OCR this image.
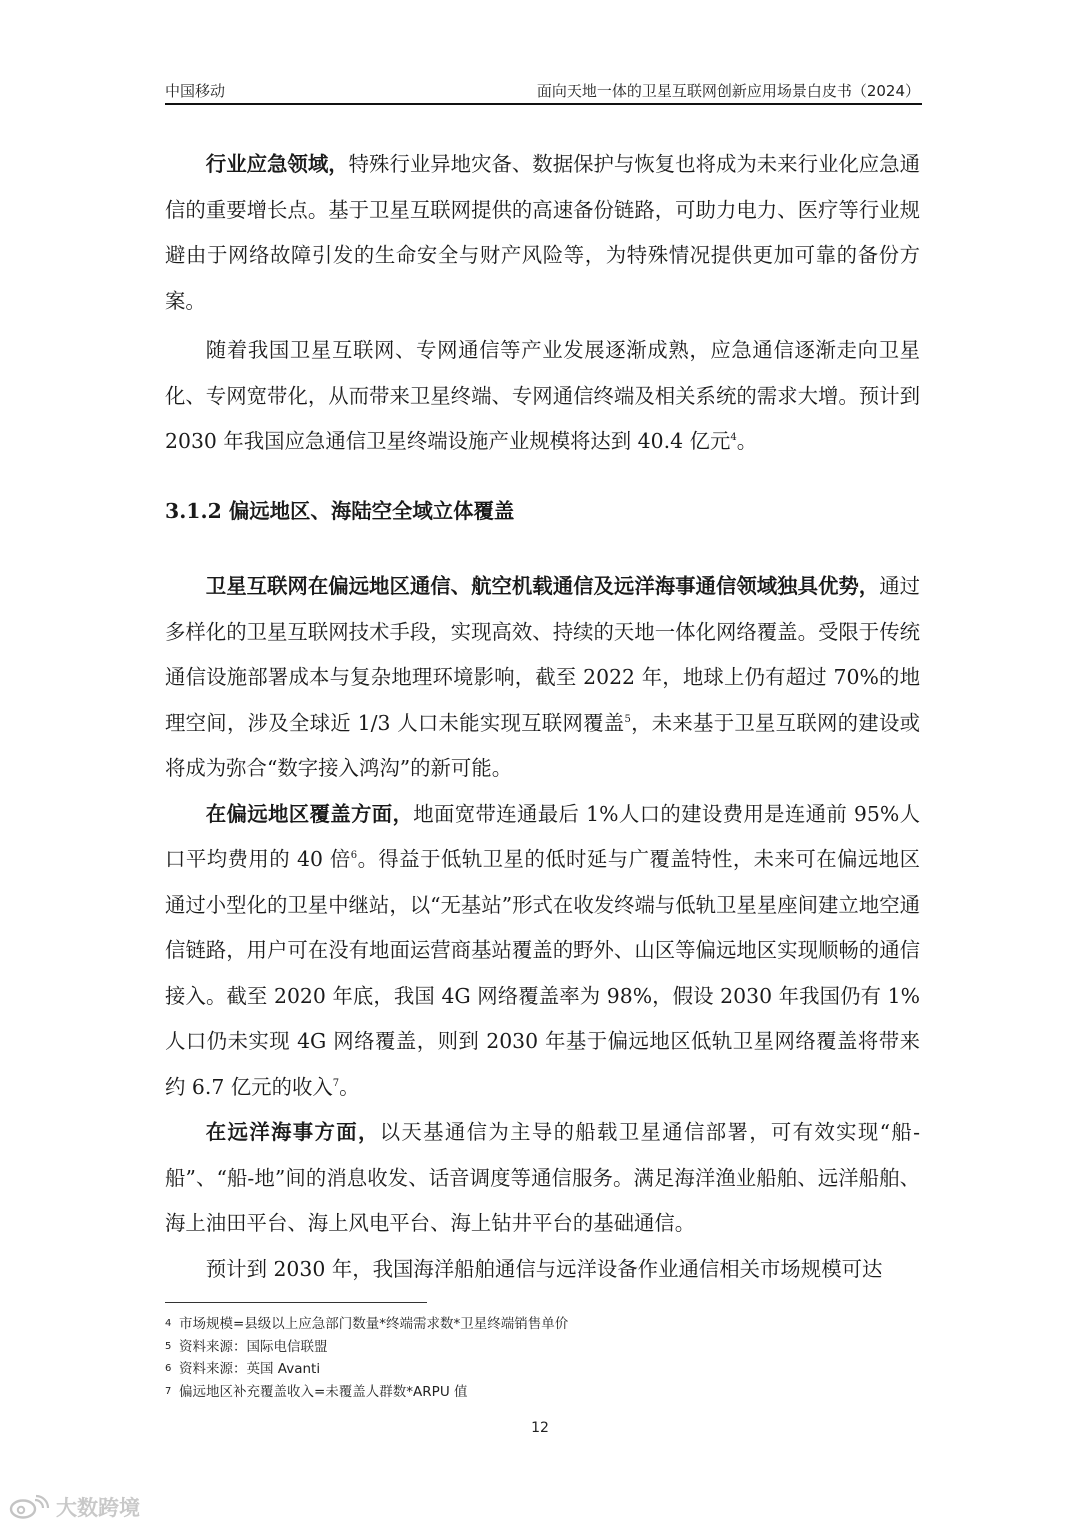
中国移动	面向天地一体的卫星互联网创新应用场景白皮书（2024）

行业应急领域，特殊行业异地灾备、数据保护与恢复也将成为未来行业化应急通信的重要增长点。基于卫星互联网提供的高速备份链路，可助力电力、医疗等行业规避由于网络故障引发的生命安全与财产风险等，为特殊情况提供更加可靠的备份方案。

随着我国卫星互联网、专网通信等产业发展逐渐成熟，应急通信逐渐走向卫星化、专网宽带化，从而带来卫星终端、专网通信终端及相关系统的需求大增。预计到 2030 年我国应急通信卫星终端设施产业规模将达到 40.4 亿元$^4$。

3.1.2 偏远地区、海陆空全域立体覆盖

卫星互联网在偏远地区通信、航空机载通信及远洋海事通信领域独具优势，通过多样化的卫星互联网技术手段，实现高效、持续的天地一体化网络覆盖。受限于传统通信设施部署成本与复杂地理环境影响，截至 2022 年，地球上仍有超过 70%的地理空间，涉及全球近 1/3 人口未能实现互联网覆盖$^5$，未来基于卫星互联网的建设或将成为弥合“数字接入鸿沟”的新可能。

在偏远地区覆盖方面，地面宽带连通最后 1%人口的建设费用是连通前 95%人口平均费用的 40 倍$^6$。得益于低轨卫星的低时延与广覆盖特性，未来可在偏远地区通过小型化的卫星中继站，以“无基站”形式在收发终端与低轨卫星星座间建立地空通信链路，用户可在没有地面运营商基站覆盖的野外、山区等偏远地区实现顺畅的通信接入。截至 2020 年底，我国 4G 网络覆盖率为 98%，假设 2030 年我国仍有 1%人口仍未实现 4G 网络覆盖，则到 2030 年基于偏远地区低轨卫星网络覆盖将带来约 6.7 亿元的收入$^7$。

在远洋海事方面，以天基通信为主导的船载卫星通信部署，可有效实现“船-船”、“船-地”间的消息收发、话音调度等通信服务。满足海洋渔业船舶、远洋船舶、海上油田平台、海上风电平台、海上钻井平台的基础通信。

预计到 2030 年，我国海洋船舶通信与远洋设备作业通信相关市场规模可达

4 市场规模=县级以上应急部门数量*终端需求数*卫星终端销售单价
5 资料来源：国际电信联盟
6 资料来源：英国 Avanti
7 偏远地区补充覆盖收入=未覆盖人群数*ARPU 值
12
大数跨境
